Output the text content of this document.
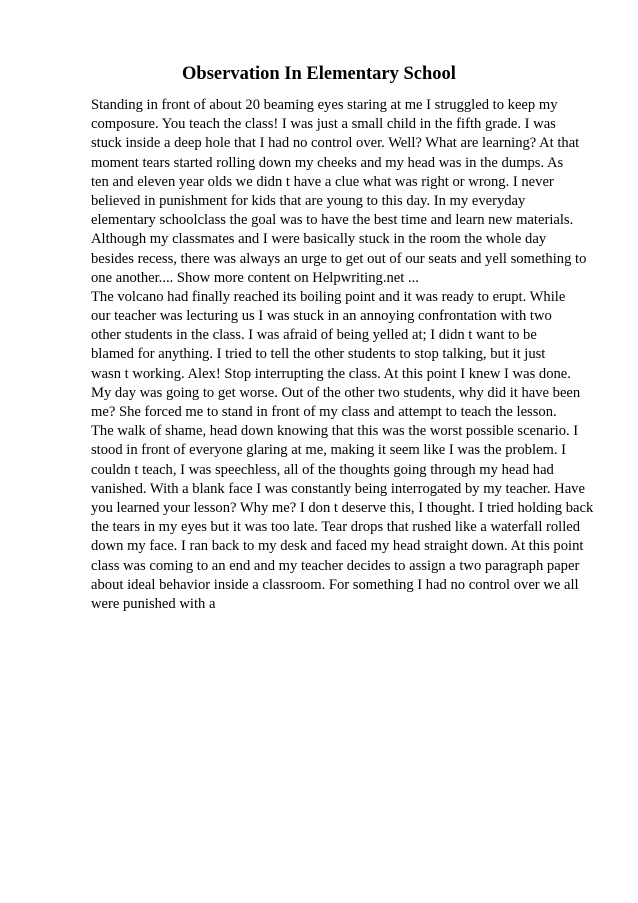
Observation In Elementary School
Standing in front of about 20 beaming eyes staring at me I struggled to keep my
composure. You teach the class! I was just a small child in the fifth grade. I was
stuck inside a deep hole that I had no control over. Well? What are learning? At that
moment tears started rolling down my cheeks and my head was in the dumps. As
ten and eleven year olds we didn t have a clue what was right or wrong. I never
believed in punishment for kids that are young to this day. In my everyday
elementary schoolclass the goal was to have the best time and learn new materials.
Although my classmates and I were basically stuck in the room the whole day
besides recess, there was always an urge to get out of our seats and yell something to
one another.... Show more content on Helpwriting.net ...
The volcano had finally reached its boiling point and it was ready to erupt. While
our teacher was lecturing us I was stuck in an annoying confrontation with two
other students in the class. I was afraid of being yelled at; I didn t want to be
blamed for anything. I tried to tell the other students to stop talking, but it just
wasn t working. Alex! Stop interrupting the class. At this point I knew I was done.
My day was going to get worse. Out of the other two students, why did it have been
me? She forced me to stand in front of my class and attempt to teach the lesson.
The walk of shame, head down knowing that this was the worst possible scenario. I
stood in front of everyone glaring at me, making it seem like I was the problem. I
couldn t teach, I was speechless, all of the thoughts going through my head had
vanished. With a blank face I was constantly being interrogated by my teacher. Have
you learned your lesson? Why me? I don t deserve this, I thought. I tried holding back
the tears in my eyes but it was too late. Tear drops that rushed like a waterfall rolled
down my face. I ran back to my desk and faced my head straight down. At this point
class was coming to an end and my teacher decides to assign a two paragraph paper
about ideal behavior inside a classroom. For something I had no control over we all
were punished with a
